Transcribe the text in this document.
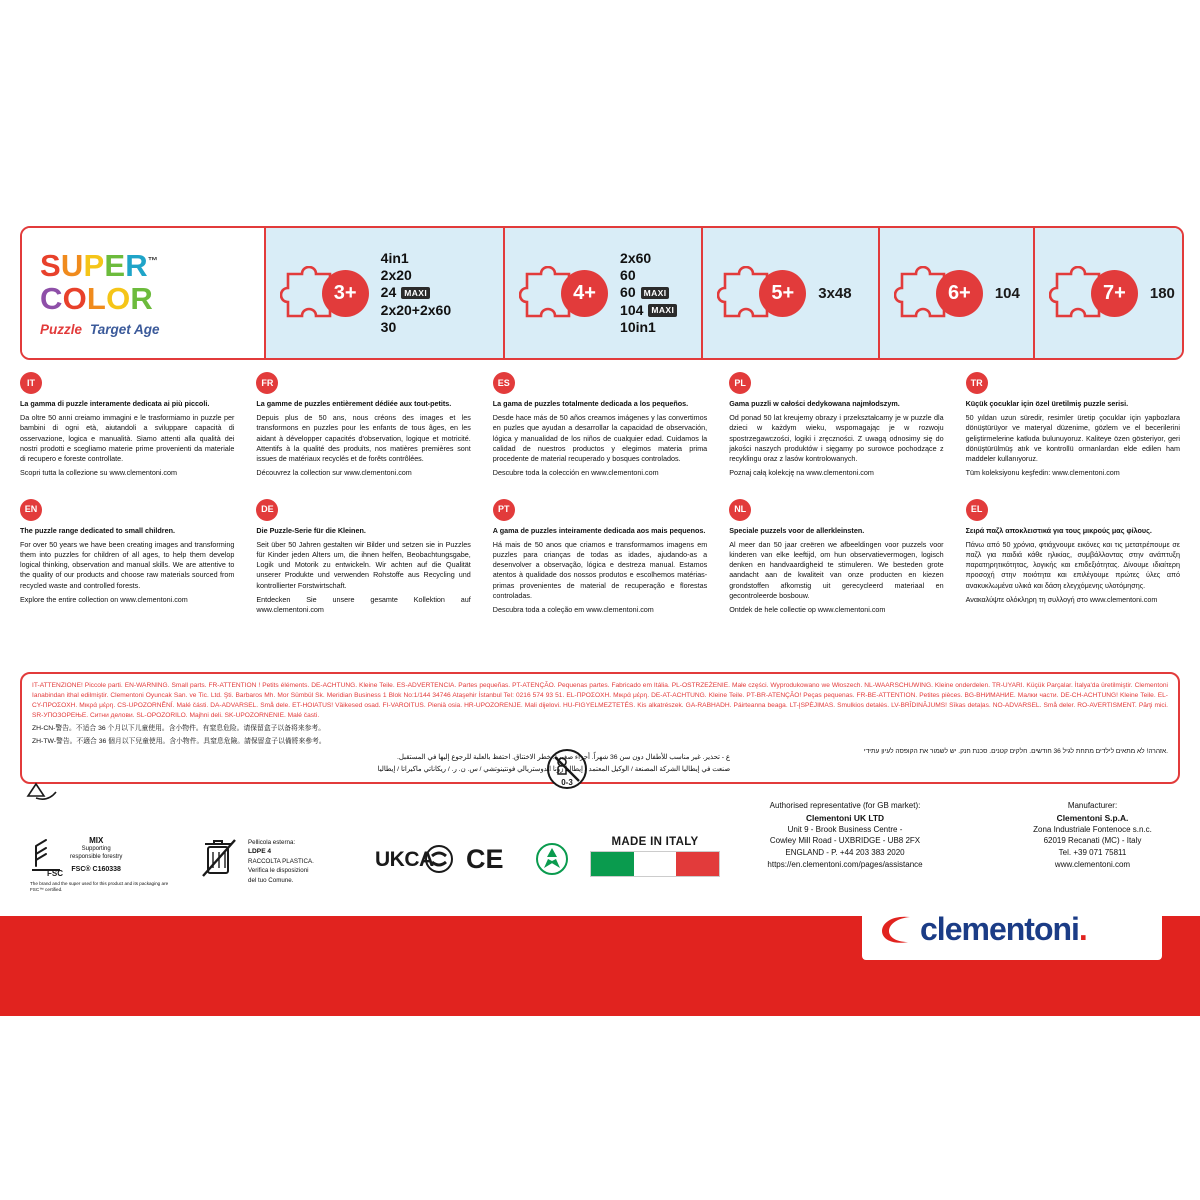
SUPER™
COLOR
Puzzle Target Age
3+
4in1
2x20
24 MAXI
2x20+2x60
30
4+
2x60
60
60 MAXI
104 MAXI
10in1
5+	3x48	6+	104	7+	180
IT

La gamma di puzzle interamente dedicata ai più piccoli.

Da oltre 50 anni creiamo immagini e le trasformiamo in puzzle per bambini di ogni età, aiutandoli a sviluppare capacità di osservazione, logica e manualità. Siamo attenti alla qualità dei nostri prodotti e scegliamo materie prime provenienti da materiale di recupero e foreste controllate.

Scopri tutta la collezione su www.clementoni.com

FR

La gamme de puzzles entièrement dédiée aux tout-petits.

Depuis plus de 50 ans, nous créons des images et les transformons en puzzles pour les enfants de tous âges, en les aidant à développer capacités d'observation, logique et motricité. Attentifs à la qualité des produits, nos matières premières sont issues de matériaux recyclés et de forêts contrôlées.

Découvrez la collection sur www.clementoni.com

ES

La gama de puzzles totalmente dedicada a los pequeños.

Desde hace más de 50 años creamos imágenes y las convertimos en puzles que ayudan a desarrollar la capacidad de observación, lógica y manualidad de los niños de cualquier edad. Cuidamos la calidad de nuestros productos y elegimos materia prima procedente de material recuperado y bosques controlados.

Descubre toda la colección en www.clementoni.com

PL

Gama puzzli w całości dedykowana najmłodszym.

Od ponad 50 lat kreujemy obrazy i przekształcamy je w puzzle dla dzieci w każdym wieku, wspomagając je w rozwoju spostrzegawczości, logiki i zręczności. Z uwagą odnosimy się do jakości naszych produktów i sięgamy po surowce pochodzące z recyklingu oraz z lasów kontrolowanych.

Poznaj całą kolekcję na www.clementoni.com

TR

Küçük çocuklar için özel üretilmiş puzzle serisi.

50 yıldan uzun süredir, resimler üretip çocuklar için yapbozlara dönüştürüyor ve materyal düzenime, gözlem ve el becerilerini geliştirmelerine katkıda bulunuyoruz. Kaliteye özen gösteriyor, geri dönüştürülmüş atık ve kontrollü ormanlardan elde edilen ham maddeler kullanıyoruz.

Tüm koleksiyonu keşfedin: www.clementoni.com

EN

The puzzle range dedicated to small children.

For over 50 years we have been creating images and transforming them into puzzles for children of all ages, to help them develop logical thinking, observation and manual skills. We are attentive to the quality of our products and choose raw materials sourced from recycled waste and controlled forests.

Explore the entire collection on www.clementoni.com

DE

Die Puzzle-Serie für die Kleinen.

Seit über 50 Jahren gestalten wir Bilder und setzen sie in Puzzles für Kinder jeden Alters um, die ihnen helfen, Beobachtungsgabe, Logik und Motorik zu entwickeln. Wir achten auf die Qualität unserer Produkte und verwenden Rohstoffe aus Recycling und kontrollierter Forstwirtschaft.

Entdecken Sie unsere gesamte Kollektion auf www.clementoni.com

PT

A gama de puzzles inteiramente dedicada aos mais pequenos.

Há mais de 50 anos que criamos e transformamos imagens em puzzles para crianças de todas as idades, ajudando-as a desenvolver a observação, lógica e destreza manual. Estamos atentos à qualidade dos nossos produtos e escolhemos matérias-primas provenientes de material de recuperação e florestas controladas.

Descubra toda a coleção em www.clementoni.com

NL

Speciale puzzels voor de allerkleinsten.

Al meer dan 50 jaar creëren we afbeeldingen voor puzzels voor kinderen van elke leeftijd, om hun observatievermogen, logisch denken en handvaardigheid te stimuleren. We besteden grote aandacht aan de kwaliteit van onze producten en kiezen grondstoffen afkomstig uit gerecycleerd materiaal en gecontroleerde bosbouw.

Ontdek de hele collectie op www.clementoni.com

EL

Σειρά παζλ αποκλειστικά για τους μικρούς μας φίλους.

Πάνω από 50 χρόνια, φτιάχνουμε εικόνες και τις μετατρέπουμε σε παζλ για παιδιά κάθε ηλικίας, συμβάλλοντας στην ανάπτυξη παρατηρητικότητας, λογικής και επιδεξιότητας. Δίνουμε ιδιαίτερη προσοχή στην ποιότητα και επιλέγουμε πρώτες ύλες από ανακυκλωμένα υλικά και δάση ελεγχόμενης υλοτόμησης.

Ανακαλύψτε ολόκληρη τη συλλογή στο www.clementoni.com

IT-ATTENZIONE! Piccole parti. EN-WARNING. Small parts. FR-ATTENTION ! Petits éléments. DE-ACHTUNG. Kleine Teile. ES-ADVERTENCIA. Partes pequeñas. PT-ATENÇÃO. Pequenas partes. Fabricado em Itália. PL-OSTRZEŻENIE. Małe części. Wyprodukowano we Włoszech. NL-WAARSCHUWING. Kleine onderdelen. TR-UYARI. Küçük Parçalar. İtalya'da üretilmiştir. Clementoni Ianabindan ithal edilmiştir. Clementoni Oyuncak San. ve Tic. Ltd. Şti. Barbaros Mh. Mor Sümbül Sk. Meridian Business 1 Blok No:1/144 34746 Ataşehir İstanbul Tel: 0216 574 93 51. EL-ΠΡΟΣΟΧΗ. Μικρά μέρη. DE-AT-ACHTUNG. Kleine Teile. PT-BR-ATENÇÃO! Peças pequenas. FR-BE-ATTENTION. Petites pièces. BG-ВНИМАНИЕ. Малки части. DE-CH-ACHTUNG! Kleine Teile. EL-CY-ΠΡΟΣΟΧΗ. Μικρά μέρη. CS-UPOZORNĚNÍ. Malé části. DA-ADVARSEL. Små dele. ET-HOIATUS! Väikesed osad. FI-VAROITUS. Pieniä osia. HR-UPOZORENJE. Mali dijelovi. HU-FIGYELMEZTETÉS. Kis alkatrészek. GA-RABHADH. Páirteanna beaga. LT-ĮSPĖJIMAS. Smulkios detalės. LV-BRĪDINĀJUMS! Sīkas detaļas. NO-ADVARSEL. Små deler. RO-AVERTISMENT. Părţi mici. SR-УПОЗОРЕЊЕ. Ситни делови. SL-OPOZORILO. Majhni deli. SK-UPOZORNENIE. Malé časti.
ZH-CN-警告。不适合 36 个月以下儿童使用。含小物件。有窒息危险。请保留盒子以备将来参考。
ZH-TW-警告。不適合 36 個月以下兒童使用。含小物件。具窒息危險。請保留盒子以備將來參考。
אזהרה! לא מתאים לילדים מתחת לגיל 36 חודשים. חלקים קטנים. סכנת חנק. יש לשמור את הקופסה לעיון עתידי.
0-3
ع - تحذير. غير مناسب للأطفال دون سن 36 شهراً. أجزاء صغيرة. خطر الاختناق. احتفظ بالعلبة للرجوع إليها في المستقبل.
صنعت في إيطاليا الشركة المصنعة / الوكيل المعتمد / إيطاليا زونا اندوستريالي فونتينوتشي / س. ن. ر. / ريكاناتي ماكيراتا / إيطاليا
Authorised representative (for GB market):
Clementoni UK LTD
Unit 9 - Brook Business Centre -
Cowley Mill Road - UXBRIDGE - UB8 2FX
ENGLAND - P. +44 203 383 2020
https://en.clementoni.com/pages/assistance
Manufacturer:
Clementoni S.p.A.
Zona Industriale Fontenoce s.n.c.
62019 Recanati (MC) - Italy
Tel. +39 071 75811
www.clementoni.com
FSC
MIX
Supporting
responsible forestry
FSC® C160338
The brand and the super used for this product and its packaging are FSC™ certified.
Pellicola esterna:
LDPE 4
RACCOLTA PLASTICA.
Verifica le disposizioni
del tuo Comune.
UKCA CE
MADE IN ITALY
clementoni.
